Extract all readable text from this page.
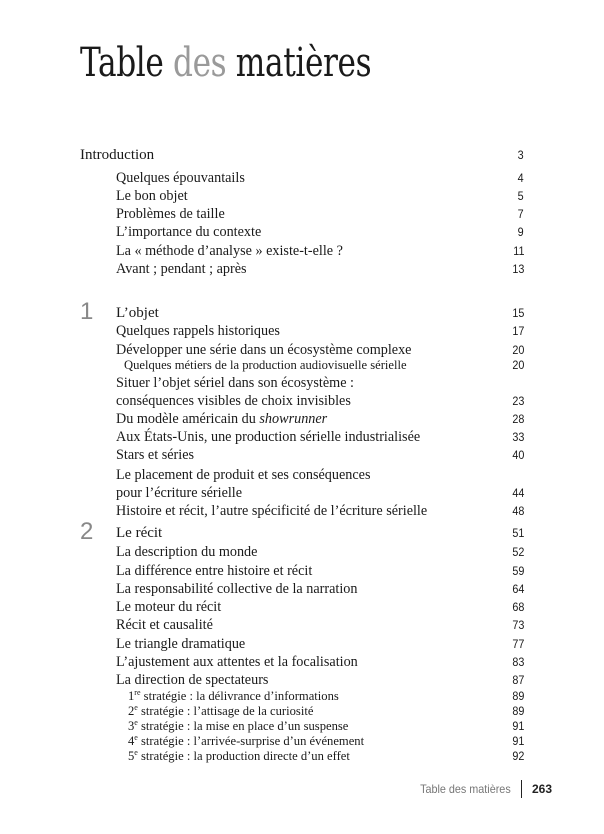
Table des matières
Introduction	3
Quelques épouvantails	4
Le bon objet	5
Problèmes de taille	7
L’importance du contexte	9
La « méthode d’analyse » existe-t-elle ?	11
Avant ; pendant ; après	13
1 L’objet	15
Quelques rappels historiques	17
Développer une série dans un écosystème complexe	20
Quelques métiers de la production audiovisuelle sérielle	20
Situer l’objet sériel dans son écosystème :
conséquences visibles de choix invisibles	23
Du modèle américain du showrunner	28
Aux États-Unis, une production sérielle industrialisée	33
Stars et séries	40
Le placement de produit et ses conséquences
pour l’écriture sérielle	44
Histoire et récit, l’autre spécificité de l’écriture sérielle	48
2 Le récit	51
La description du monde	52
La différence entre histoire et récit	59
La responsabilité collective de la narration	64
Le moteur du récit	68
Récit et causalité	73
Le triangle dramatique	77
L’ajustement aux attentes et la focalisation	83
La direction de spectateurs	87
1re stratégie : la délivrance d’informations	89
2e stratégie : l’attisage de la curiosité	89
3e stratégie : la mise en place d’un suspense	91
4e stratégie : l’arrivée-surprise d’un événement	91
5e stratégie : la production directe d’un effet	92
Table des matières 263
